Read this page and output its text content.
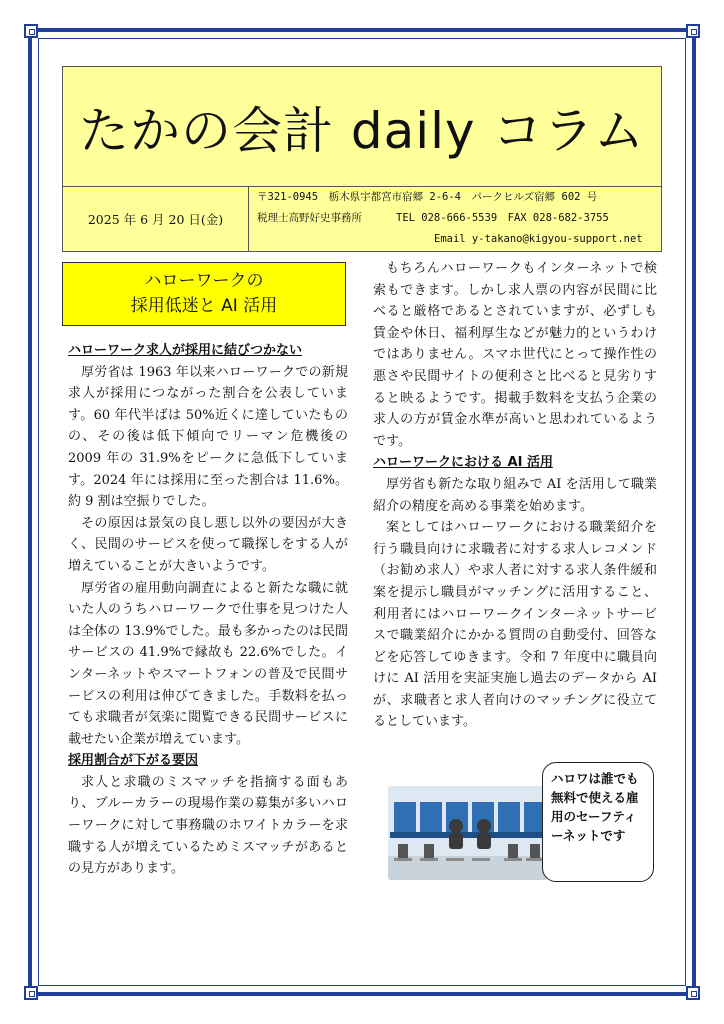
たかの会計 daily コラム
2025 年 6 月 20 日(金)
〒321-0945　栃木県宇都宮市宿郷 2-6-4　パークヒルズ宿郷 602 号
税理士高野好史事務所	TEL 028-666-5539　FAX 028-682-3755
Email y-takano@kigyou-support.net
ハローワークの
採用低迷と AI 活用
ハローワーク求人が採用に結びつかない

厚労省は 1963 年以来ハローワークでの新規求人が採用につながった割合を公表しています。60 年代半ばは 50%近くに達していたものの、その後は低下傾向でリーマン危機後の 2009 年の 31.9%をピークに急低下しています。2024 年には採用に至った割合は 11.6%。約 9 割は空振りでした。

その原因は景気の良し悪し以外の要因が大きく、民間のサービスを使って職探しをする人が増えていることが大きいようです。

厚労省の雇用動向調査によると新たな職に就いた人のうちハローワークで仕事を見つけた人は全体の 13.9%でした。最も多かったのは民間サービスの 41.9%で縁故も 22.6%でした。インターネットやスマートフォンの普及で民間サービスの利用は伸びてきました。手数料を払っても求職者が気楽に閲覧できる民間サービスに載せたい企業が増えています。

採用割合が下がる要因

求人と求職のミスマッチを指摘する面もあり、ブルーカラーの現場作業の募集が多いハローワークに対して事務職のホワイトカラーを求職する人が増えているためミスマッチがあるとの見方があります。

もちろんハローワークもインターネットで検索もできます。しかし求人票の内容が民間に比べると厳格であるとされていますが、必ずしも賃金や休日、福利厚生などが魅力的というわけではありません。スマホ世代にとって操作性の悪さや民間サイトの便利さと比べると見劣りすると映るようです。掲載手数料を支払う企業の求人の方が賃金水準が高いと思われているようです。

ハローワークにおける AI 活用

厚労省も新たな取り組みで AI を活用して職業紹介の精度を高める事業を始めます。

案としてはハローワークにおける職業紹介を行う職員向けに求職者に対する求人レコメンド（お勧め求人）や求人者に対する求人条件緩和案を提示し職員がマッチングに活用すること、利用者にはハローワークインターネットサービスで職業紹介にかかる質問の自動受付、回答などを応答してゆきます。令和 7 年度中に職員向けに AI 活用を実証実施し過去のデータから AI が、求職者と求人者向けのマッチングに役立てるとしています。

ハロワは誰でも無料で使える雇用のセーフティーネットです
